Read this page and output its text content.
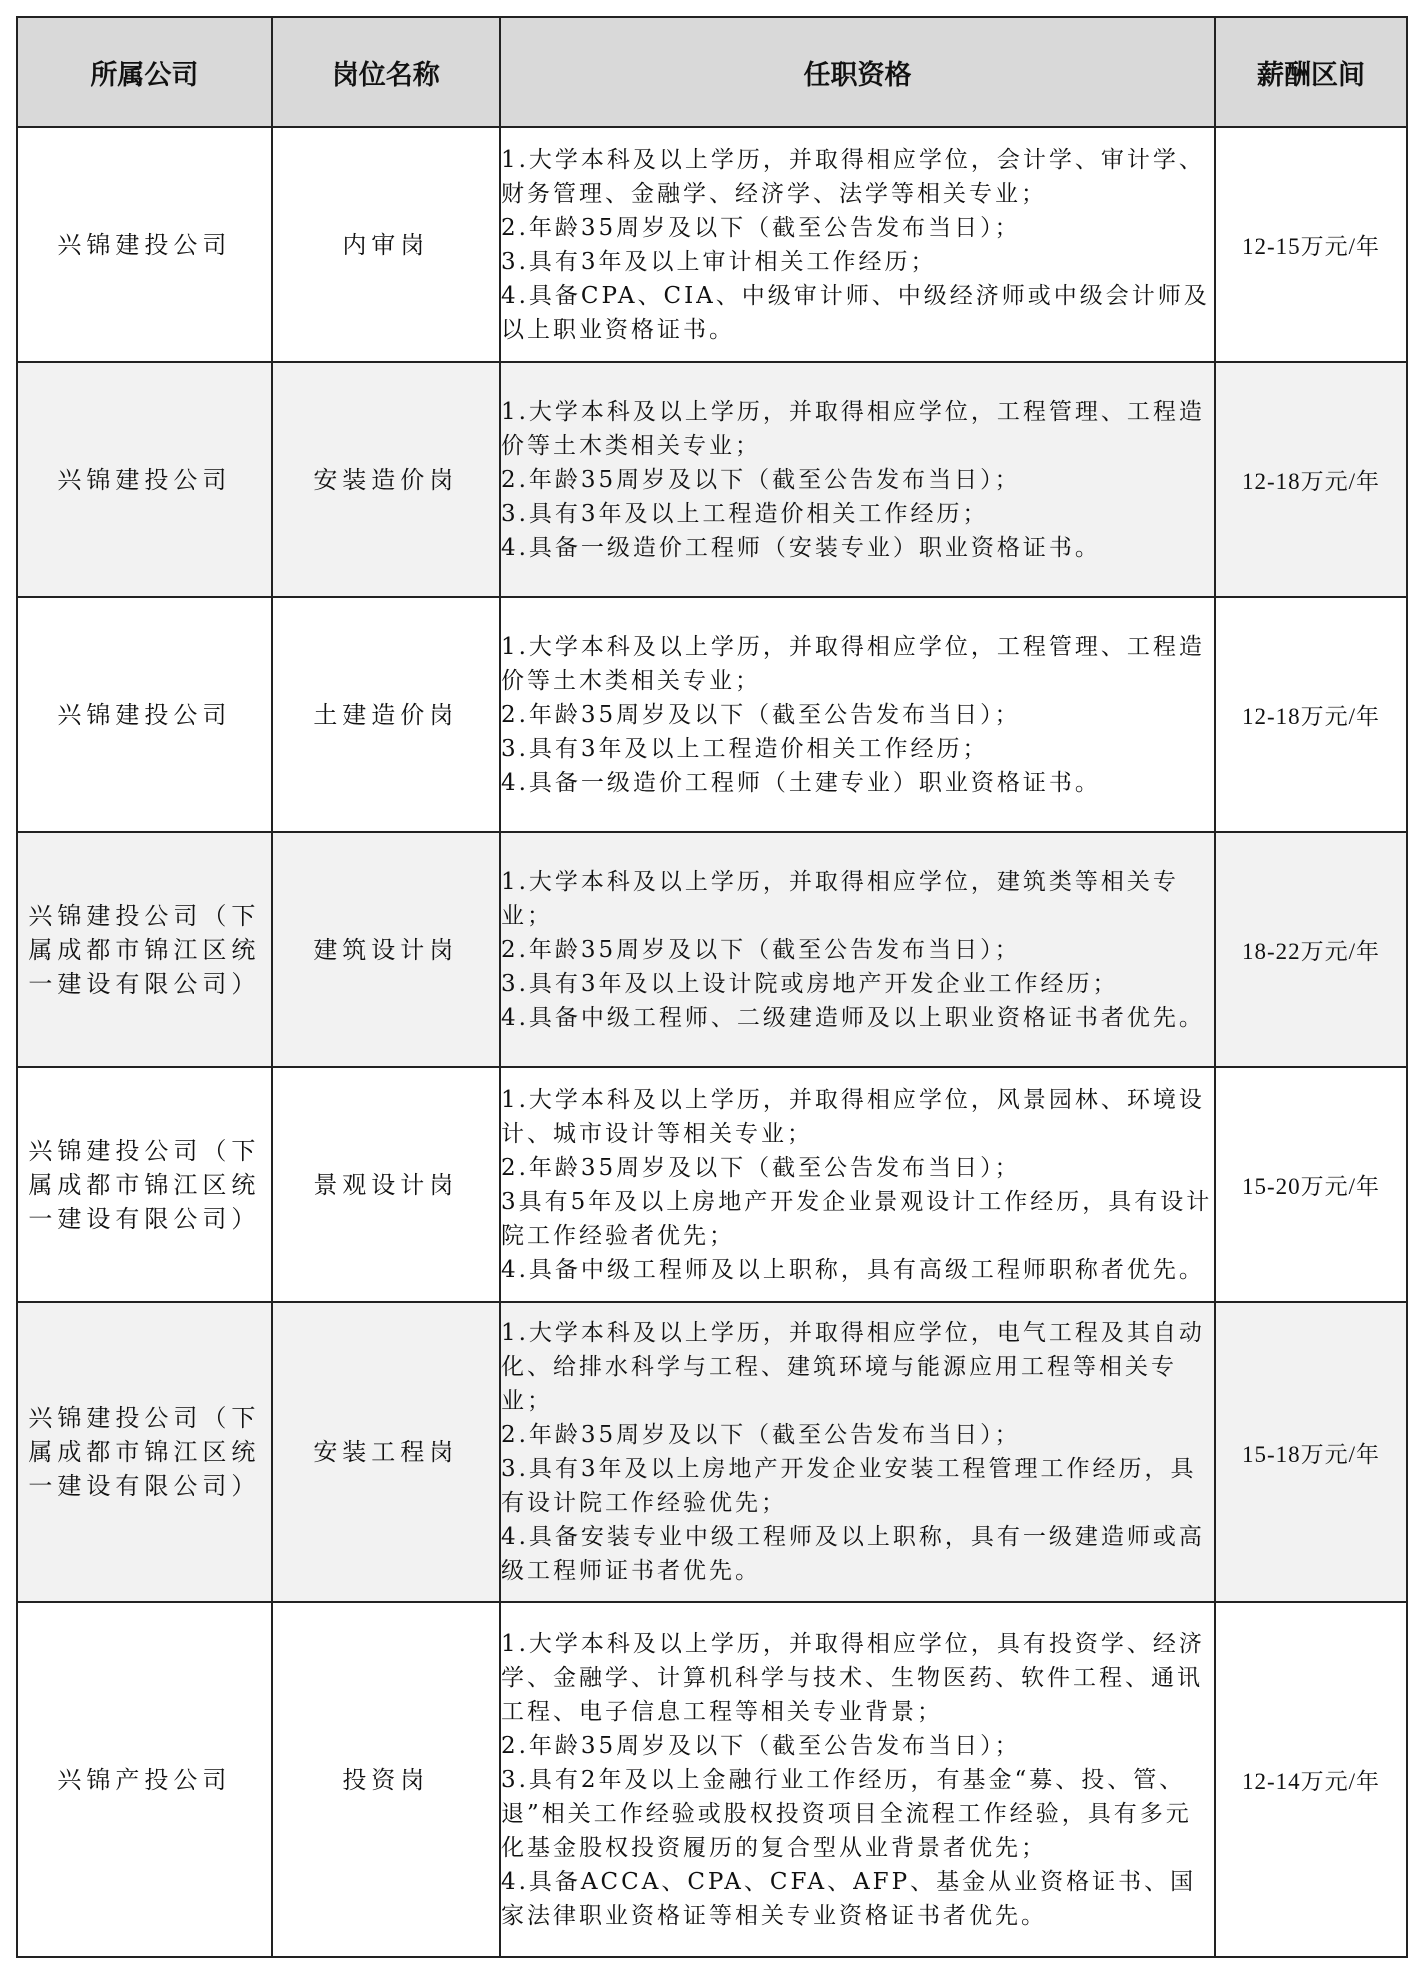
所属公司	岗位名称	任职资格	薪酬区间
兴锦建投公司	内审岗	1.大学本科及以上学历，并取得相应学位，会计学、审计学、财务管理、金融学、经济学、法学等相关专业；
2.年龄35周岁及以下（截至公告发布当日）；
3.具有3年及以上审计相关工作经历；
4.具备CPA、CIA、中级审计师、中级经济师或中级会计师及以上职业资格证书。	12-15万元/年
兴锦建投公司	安装造价岗	1.大学本科及以上学历，并取得相应学位，工程管理、工程造价等土木类相关专业；
2.年龄35周岁及以下（截至公告发布当日）；
3.具有3年及以上工程造价相关工作经历；
4.具备一级造价工程师（安装专业）职业资格证书。	12-18万元/年
兴锦建投公司	土建造价岗	1.大学本科及以上学历，并取得相应学位，工程管理、工程造价等土木类相关专业；
2.年龄35周岁及以下（截至公告发布当日）；
3.具有3年及以上工程造价相关工作经历；
4.具备一级造价工程师（土建专业）职业资格证书。	12-18万元/年
兴锦建投公司（下属成都市锦江区统一建设有限公司）	建筑设计岗	1.大学本科及以上学历，并取得相应学位，建筑类等相关专业；
2.年龄35周岁及以下（截至公告发布当日）；
3.具有3年及以上设计院或房地产开发企业工作经历；
4.具备中级工程师、二级建造师及以上职业资格证书者优先。	18-22万元/年
兴锦建投公司（下属成都市锦江区统一建设有限公司）	景观设计岗	1.大学本科及以上学历，并取得相应学位，风景园林、环境设计、城市设计等相关专业；
2.年龄35周岁及以下（截至公告发布当日）；
3具有5年及以上房地产开发企业景观设计工作经历，具有设计院工作经验者优先；
4.具备中级工程师及以上职称，具有高级工程师职称者优先。	15-20万元/年
兴锦建投公司（下属成都市锦江区统一建设有限公司）	安装工程岗	1.大学本科及以上学历，并取得相应学位，电气工程及其自动化、给排水科学与工程、建筑环境与能源应用工程等相关专业；
2.年龄35周岁及以下（截至公告发布当日）；
3.具有3年及以上房地产开发企业安装工程管理工作经历，具有设计院工作经验优先；
4.具备安装专业中级工程师及以上职称，具有一级建造师或高级工程师证书者优先。	15-18万元/年
兴锦产投公司	投资岗	1.大学本科及以上学历，并取得相应学位，具有投资学、经济学、金融学、计算机科学与技术、生物医药、软件工程、通讯工程、电子信息工程等相关专业背景；
2.年龄35周岁及以下（截至公告发布当日）；
3.具有2年及以上金融行业工作经历，有基金“募、投、管、退”相关工作经验或股权投资项目全流程工作经验，具有多元化基金股权投资履历的复合型从业背景者优先；
4.具备ACCA、CPA、CFA、AFP、基金从业资格证书、国家法律职业资格证等相关专业资格证书者优先。	12-14万元/年
